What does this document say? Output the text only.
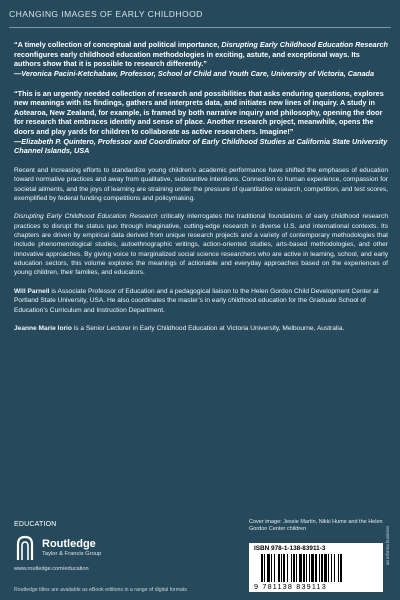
CHANGING IMAGES OF EARLY CHILDHOOD

“A timely collection of conceptual and political importance, Disrupting Early Childhood Education Research reconfigures early childhood education methodologies in exciting, astute, and exceptional ways. Its authors show that it is possible to research differently.”
—Veronica Pacini-Ketchabaw, Professor, School of Child and Youth Care, University of Victoria, Canada

“This is an urgently needed collection of research and possibilities that asks enduring questions, explores new meanings with its findings, gathers and interprets data, and initiates new lines of inquiry. A study in Aotearoa, New Zealand, for example, is framed by both narrative inquiry and philosophy, opening the door for research that embraces identity and sense of place. Another research project, meanwhile, opens the doors and play yards for children to collaborate as active researchers. Imagine!”
—Elizabeth P. Quintero, Professor and Coordinator of Early Childhood Studies at California State University Channel Islands, USA

Recent and increasing efforts to standardize young children’s academic performance have shifted the emphases of education toward normative practices and away from qualitative, substantive intentions. Connection to human experience, compassion for societal ailments, and the joys of learning are straining under the pressure of quantitative research, competition, and test scores, exemplified by federal funding competitions and policymaking.

Disrupting Early Childhood Education Research critically interrogates the traditional foundations of early childhood research practices to disrupt the status quo through imaginative, cutting-edge research in diverse U.S. and international contexts. Its chapters are driven by empirical data derived from unique research projects and a variety of contemporary methodologies that include phenomenological studies, autoethnographic writings, action-oriented studies, arts-based methodologies, and other innovative approaches. By giving voice to marginalized social science researchers who are active in learning, school, and early education sectors, this volume explores the meanings of actionable and everyday approaches based on the experiences of young children, their families, and educators.

Will Parnell is Associate Professor of Education and a pedagogical liaison to the Helen Gordon Child Development Center at Portland State University, USA. He also coordinates the master’s in early childhood education for the Graduate School of Education’s Curriculum and Instruction Department.

Jeanne Marie Iorio is a Senior Lecturer in Early Childhood Education at Victoria University, Melbourne, Australia.

EDUCATION
Routledge
Taylor & Francis Group
www.routledge.com/education
Routledge titles are available as eBook editions in a range of digital formats
Cover image: Jessie Martin, Nikki Hume and the Helen Gordon Center children
ISBN 978-1-138-83911-3
9 781138 839113
an informa business
